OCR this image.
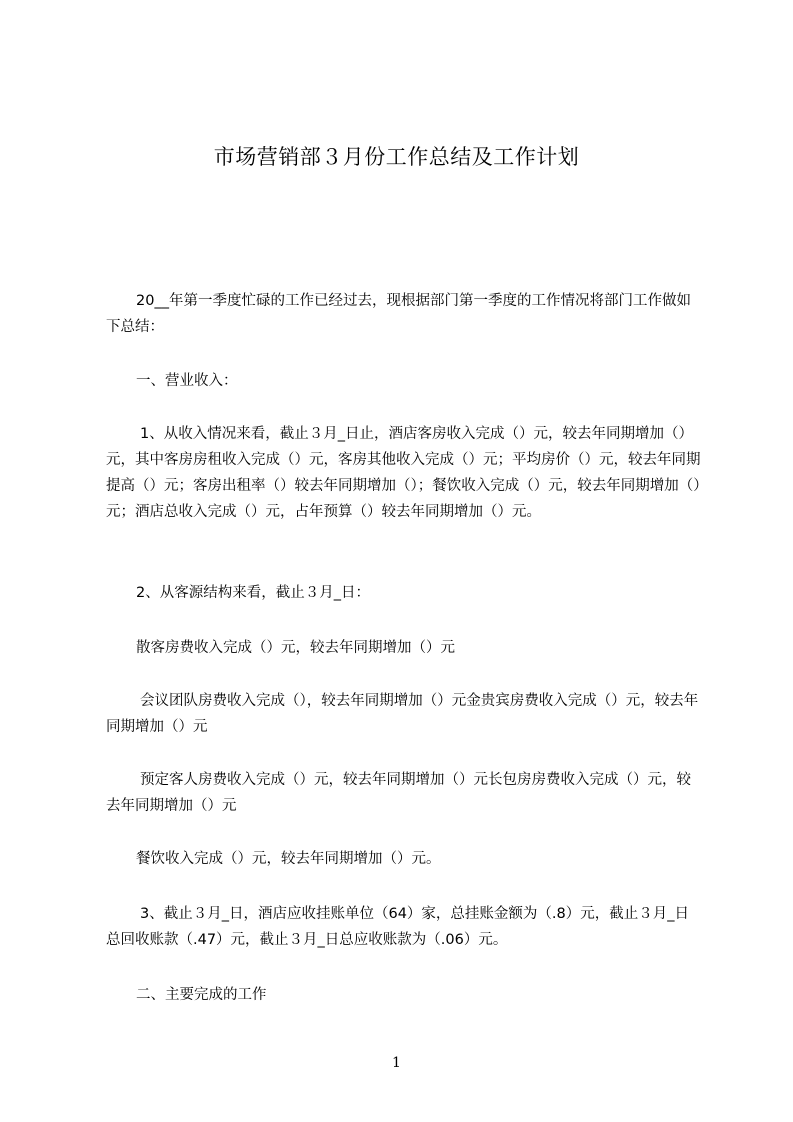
市场营销部３月份工作总结及工作计划

20__年第一季度忙碌的工作已经过去，现根据部门第一季度的工作情况将部门工作做如下总结：

一、营业收入：

1、从收入情况来看，截止３月_日止，酒店客房收入完成（）元，较去年同期增加（）元，其中客房房租收入完成（）元，客房其他收入完成（）元；平均房价（）元，较去年同期提高（）元；客房出租率（）较去年同期增加（）；餐饮收入完成（）元，较去年同期增加（）元；酒店总收入完成（）元，占年预算（）较去年同期增加（）元。

2、从客源结构来看，截止３月_日：

散客房费收入完成（）元，较去年同期增加（）元

会议团队房费收入完成（），较去年同期增加（）元金贵宾房费收入完成（）元，较去年同期增加（）元

预定客人房费收入完成（）元，较去年同期增加（）元长包房房费收入完成（）元，较去年同期增加（）元

餐饮收入完成（）元，较去年同期增加（）元。

3、截止３月_日，酒店应收挂账单位（64）家，总挂账金额为（.8）元，截止３月_日总回收账款（.47）元，截止３月_日总应收账款为（.06）元。

二、主要完成的工作

1
